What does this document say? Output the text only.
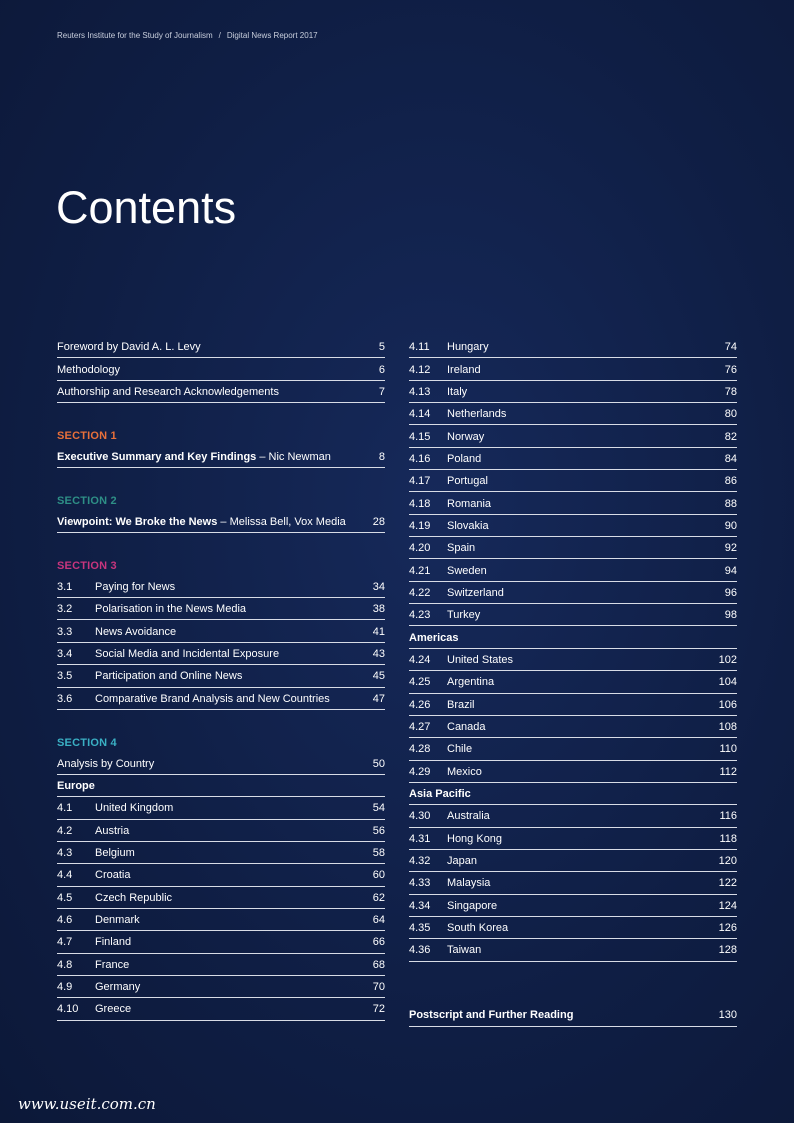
Reuters Institute for the Study of Journalism / Digital News Report 2017
Contents
Foreword by David A. L. Levy	5
Methodology	6
Authorship and Research Acknowledgements	7
SECTION 1
Executive Summary and Key Findings – Nic Newman	8
SECTION 2
Viewpoint: We Broke the News – Melissa Bell, Vox Media	28
SECTION 3
3.1	Paying for News	34
3.2	Polarisation in the News Media	38
3.3	News Avoidance	41
3.4	Social Media and Incidental Exposure	43
3.5	Participation and Online News	45
3.6	Comparative Brand Analysis and New Countries	47
SECTION 4
Analysis by Country	50
Europe
4.1	United Kingdom	54
4.2	Austria	56
4.3	Belgium	58
4.4	Croatia	60
4.5	Czech Republic	62
4.6	Denmark	64
4.7	Finland	66
4.8	France	68
4.9	Germany	70
4.10	Greece	72
4.11	Hungary	74
4.12	Ireland	76
4.13	Italy	78
4.14	Netherlands	80
4.15	Norway	82
4.16	Poland	84
4.17	Portugal	86
4.18	Romania	88
4.19	Slovakia	90
4.20	Spain	92
4.21	Sweden	94
4.22	Switzerland	96
4.23	Turkey	98
Americas
4.24	United States	102
4.25	Argentina	104
4.26	Brazil	106
4.27	Canada	108
4.28	Chile	110
4.29	Mexico	112
Asia Pacific
4.30	Australia	116
4.31	Hong Kong	118
4.32	Japan	120
4.33	Malaysia	122
4.34	Singapore	124
4.35	South Korea	126
4.36	Taiwan	128
Postscript and Further Reading	130
www.useit.com.cn
